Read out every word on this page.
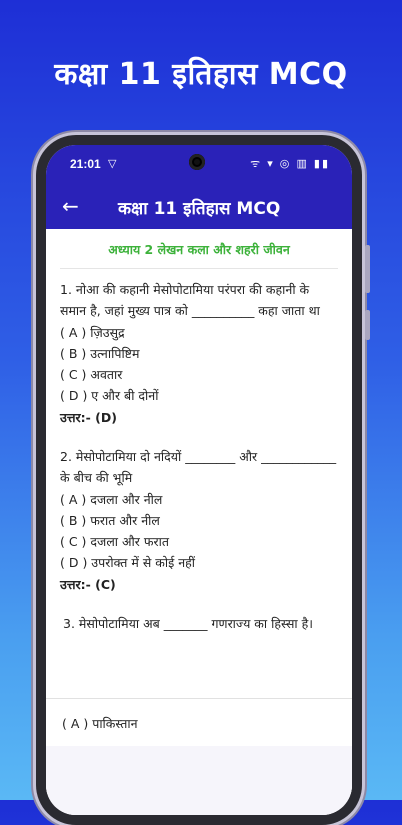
कक्षा 11 इतिहास MCQ
21:01 ▽	ᯤ ▾ ◎ ▥ ▮▮
← कक्षा 11 इतिहास MCQ
अध्याय 2 लेखन कला और शहरी जीवन
1. नोआ की कहानी मेसोपोटामिया परंपरा की कहानी के समान है, जहां मुख्य पात्र को __________ कहा जाता था
( A ) ज़िउसुद्र
( B ) उत्नापिष्टिम
( C ) अवतार
( D ) ए और बी दोनों
उत्तर:- (D)
2. मेसोपोटामिया दो नदियों ________ और ____________ के बीच की भूमि
( A ) दजला और नील
( B ) फरात और नील
( C ) दजला और फरात
( D ) उपरोक्त में से कोई नहीं
उत्तर:- (C)
3. मेसोपोटामिया अब _______ गणराज्य का हिस्सा है।
( A ) पाकिस्तान
